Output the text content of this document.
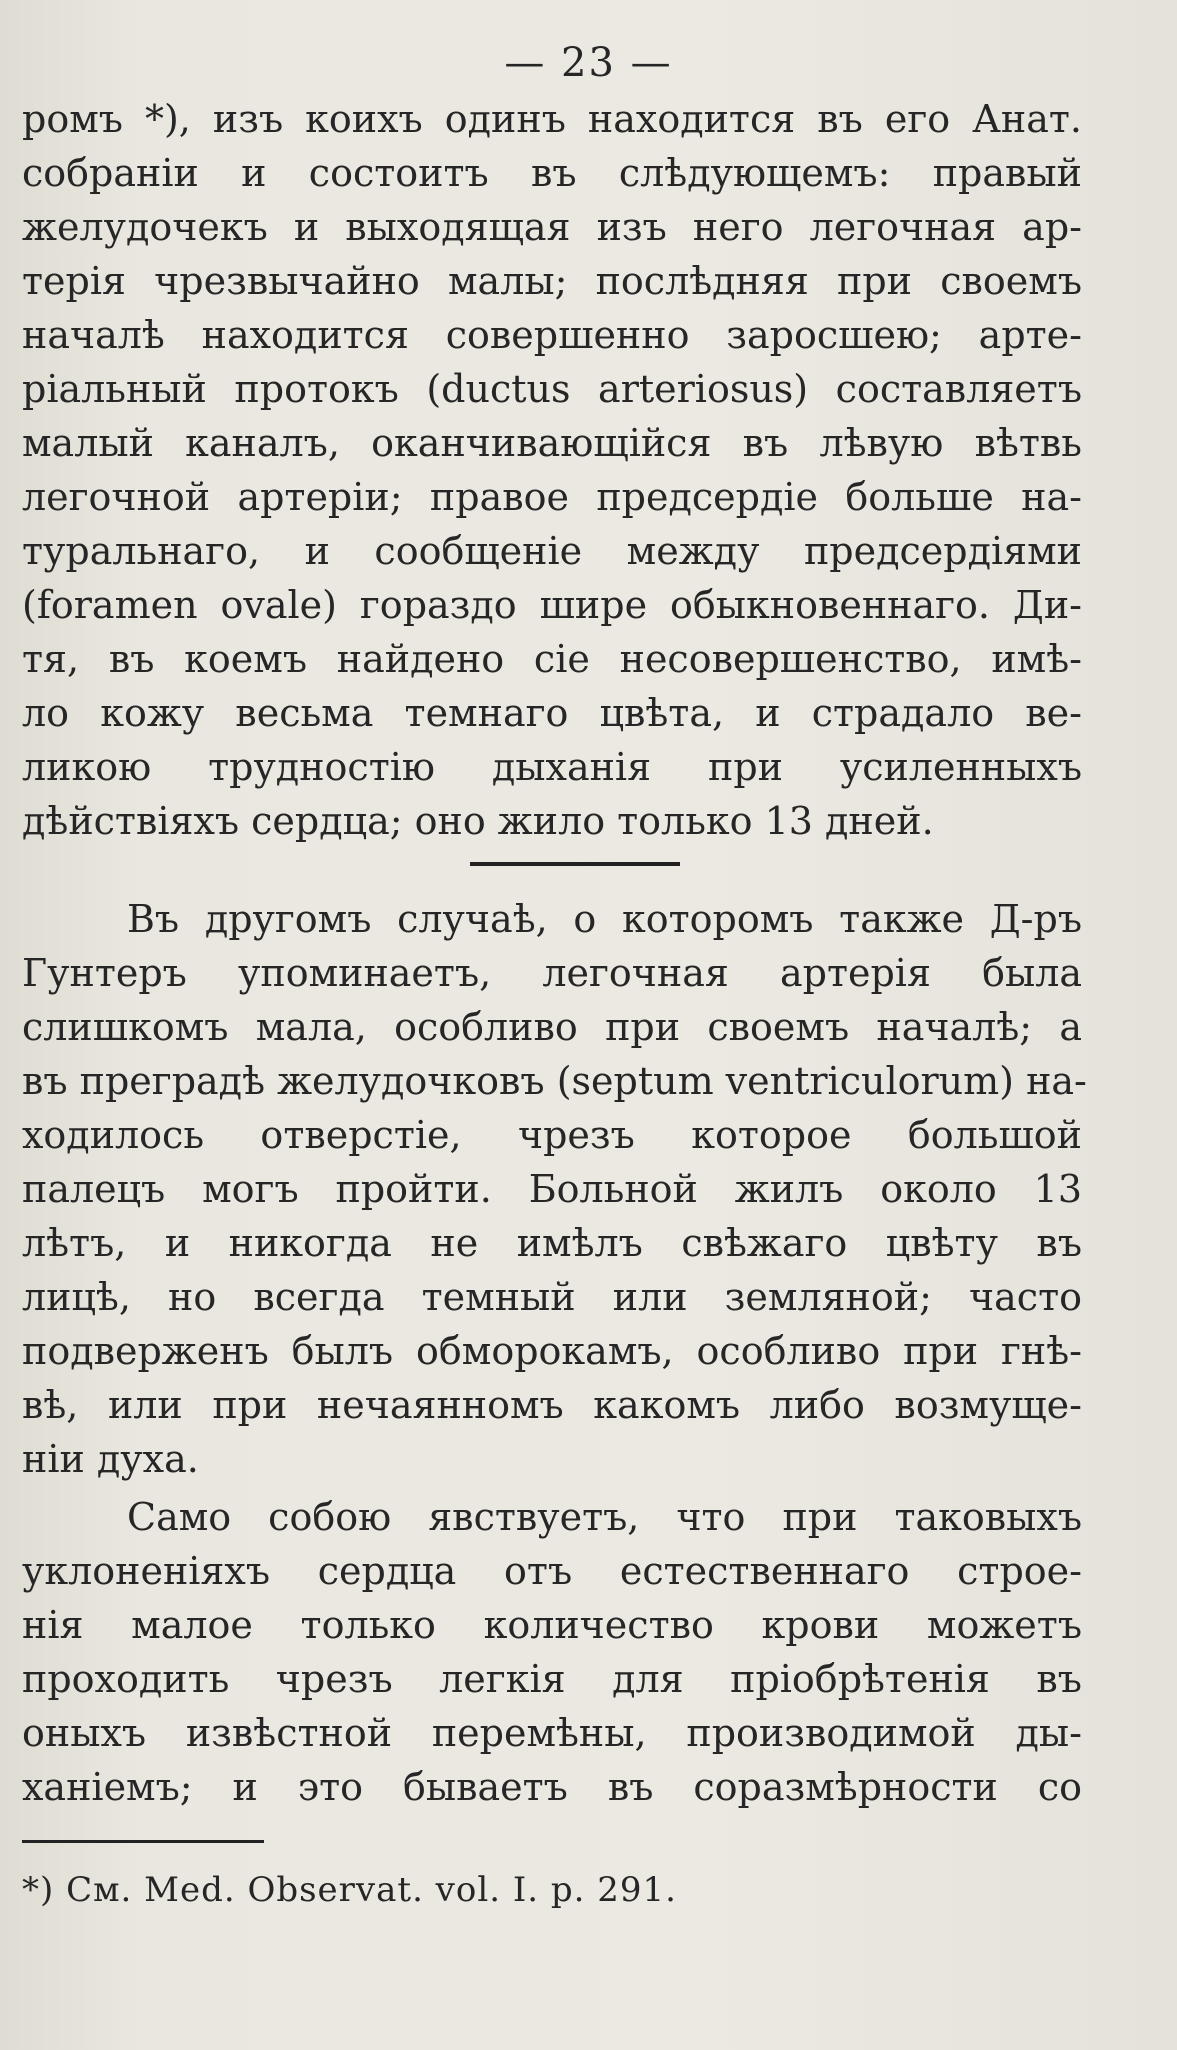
— 23 —
ромъ *), изъ коихъ одинъ находится въ его Анат.
собраніи и состоитъ въ слѣдующемъ: правый
желудочекъ и выходящая изъ него легочная ар-
терія чрезвычайно малы; послѣдняя при своемъ
началѣ находится совершенно заросшею; арте-
ріальный протокъ (ductus arteriosus) составляетъ
малый каналъ, оканчивающійся въ лѣвую вѣтвь
легочной артеріи; правое предсердіе больше на-
туральнаго, и сообщеніе между предсердіями
(foramen ovale) гораздо шире обыкновеннаго. Ди-
тя, въ коемъ найдено сіе несовершенство, имѣ-
ло кожу весьма темнаго цвѣта, и страдало ве-
ликою трудностію дыханія при усиленныхъ
дѣйствіяхъ сердца; оно жило только 13 дней.
Въ другомъ случаѣ, о которомъ также Д-ръ
Гунтеръ упоминаетъ, легочная артерія была
слишкомъ мала, особливо при своемъ началѣ; а
въ преградѣ желудочковъ (septum ventriculorum) на-
ходилось отверстіе, чрезъ которое большой
палецъ могъ пройти. Больной жилъ около 13
лѣтъ, и никогда не имѣлъ свѣжаго цвѣту въ
лицѣ, но всегда темный или земляной; часто
подверженъ былъ обморокамъ, особливо при гнѣ-
вѣ, или при нечаянномъ какомъ либо возмуще-
ніи духа.
Само собою явствуетъ, что при таковыхъ
уклоненіяхъ сердца отъ естественнаго строе-
нія малое только количество крови можетъ
проходить чрезъ легкія для пріобрѣтенія въ
оныхъ извѣстной перемѣны, производимой ды-
ханіемъ; и это бываетъ въ соразмѣрности со
*) См. Med. Observat. vol. I. p. 291.
